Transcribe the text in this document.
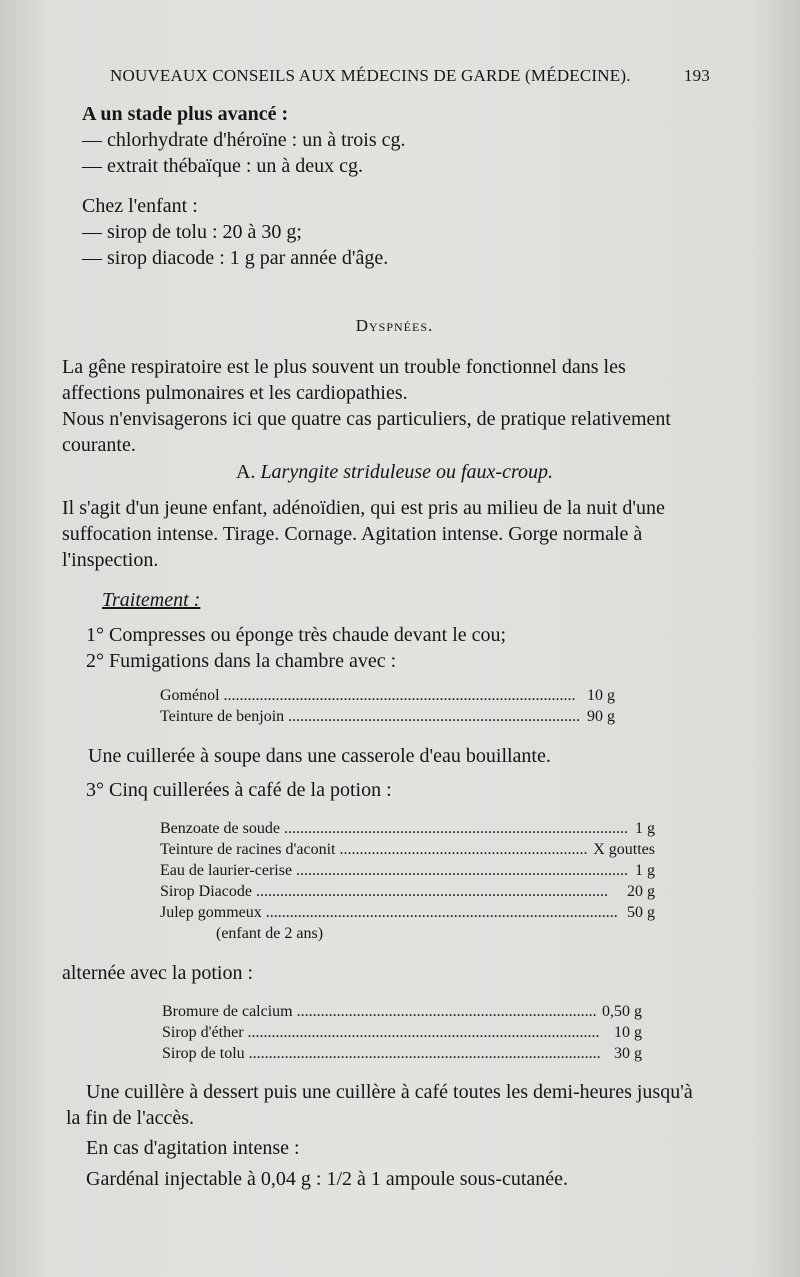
NOUVEAUX CONSEILS AUX MÉDECINS DE GARDE (MÉDECINE).	193
A un stade plus avancé :
— chlorhydrate d'héroïne : un à trois cg.
— extrait thébaïque : un à deux cg.
Chez l'enfant :
— sirop de tolu : 20 à 30 g;
— sirop diacode : 1 g par année d'âge.
Dyspnées.
La gêne respiratoire est le plus souvent un trouble fonctionnel dans les
affections pulmonaires et les cardiopathies.
Nous n'envisagerons ici que quatre cas particuliers, de pratique relativement
courante.
A. Laryngite striduleuse ou faux-croup.
Il s'agit d'un jeune enfant, adénoïdien, qui est pris au milieu de la nuit d'une
suffocation intense. Tirage. Cornage. Agitation intense. Gorge normale à
l'inspection.
Traitement :
1° Compresses ou éponge très chaude devant le cou;
2° Fumigations dans la chambre avec :
Goménol .....	10 g
Teinture de benjoin .....	90 g
Une cuillerée à soupe dans une casserole d'eau bouillante.
3° Cinq cuillerées à café de la potion :
Benzoate de soude .....	1 g
Teinture de racines d'aconit .....	X gouttes
Eau de laurier-cerise .....	1 g
Sirop Diacode .....	20 g
Julep gommeux .....	50 g
(enfant de 2 ans)
alternée avec la potion :
Bromure de calcium .....	0,50 g
Sirop d'éther .....	10 g
Sirop de tolu .....	30 g
Une cuillère à dessert puis une cuillère à café toutes les demi-heures jusqu'à
la fin de l'accès.
En cas d'agitation intense :
Gardénal injectable à 0,04 g : 1/2 à 1 ampoule sous-cutanée.
